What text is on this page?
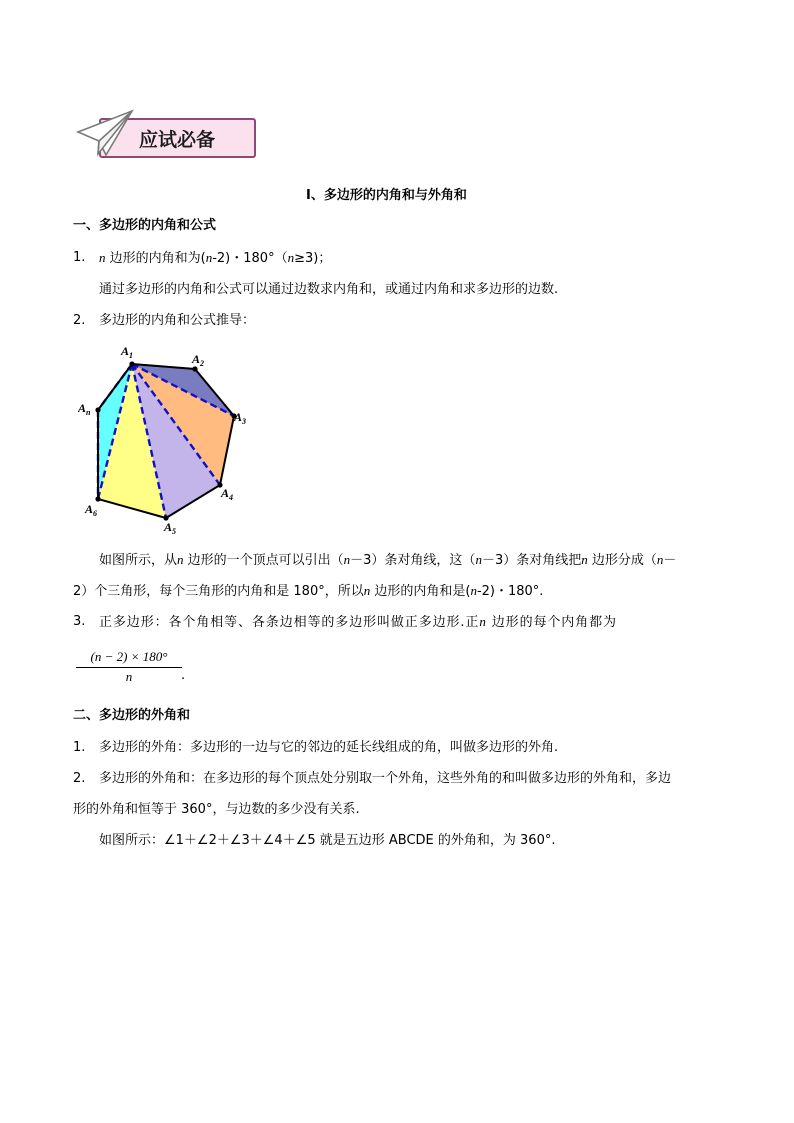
应试必备
Ⅰ、多边形的内角和与外角和
一、多边形的内角和公式
1. n 边形的内角和为(n-2)・180°（n≥3)；
通过多边形的内角和公式可以通过边数求内角和，或通过内角和求多边形的边数.
2. 多边形的内角和公式推导：
$A_1$	$A_2$
$A_3$
$A_4$
$A_5$
$A_6$
$A_n$
如图所示，从n 边形的一个顶点可以引出（n－3）条对角线，这（n－3）条对角线把n 边形分成（n－
2）个三角形，每个三角形的内角和是 180°，所以n 边形的内角和是(n-2)・180°.
3. 正多边形：各个角相等、各条边相等的多边形叫做正多边形.正n 边形的每个内角都为
(n − 2) × 180°
n	.
二、多边形的外角和
1. 多边形的外角：多边形的一边与它的邻边的延长线组成的角，叫做多边形的外角.
2. 多边形的外角和：在多边形的每个顶点处分别取一个外角，这些外角的和叫做多边形的外角和，多边
形的外角和恒等于 360°，与边数的多少没有关系.
如图所示：∠1＋∠2＋∠3＋∠4＋∠5 就是五边形 ABCDE 的外角和，为 360°.
